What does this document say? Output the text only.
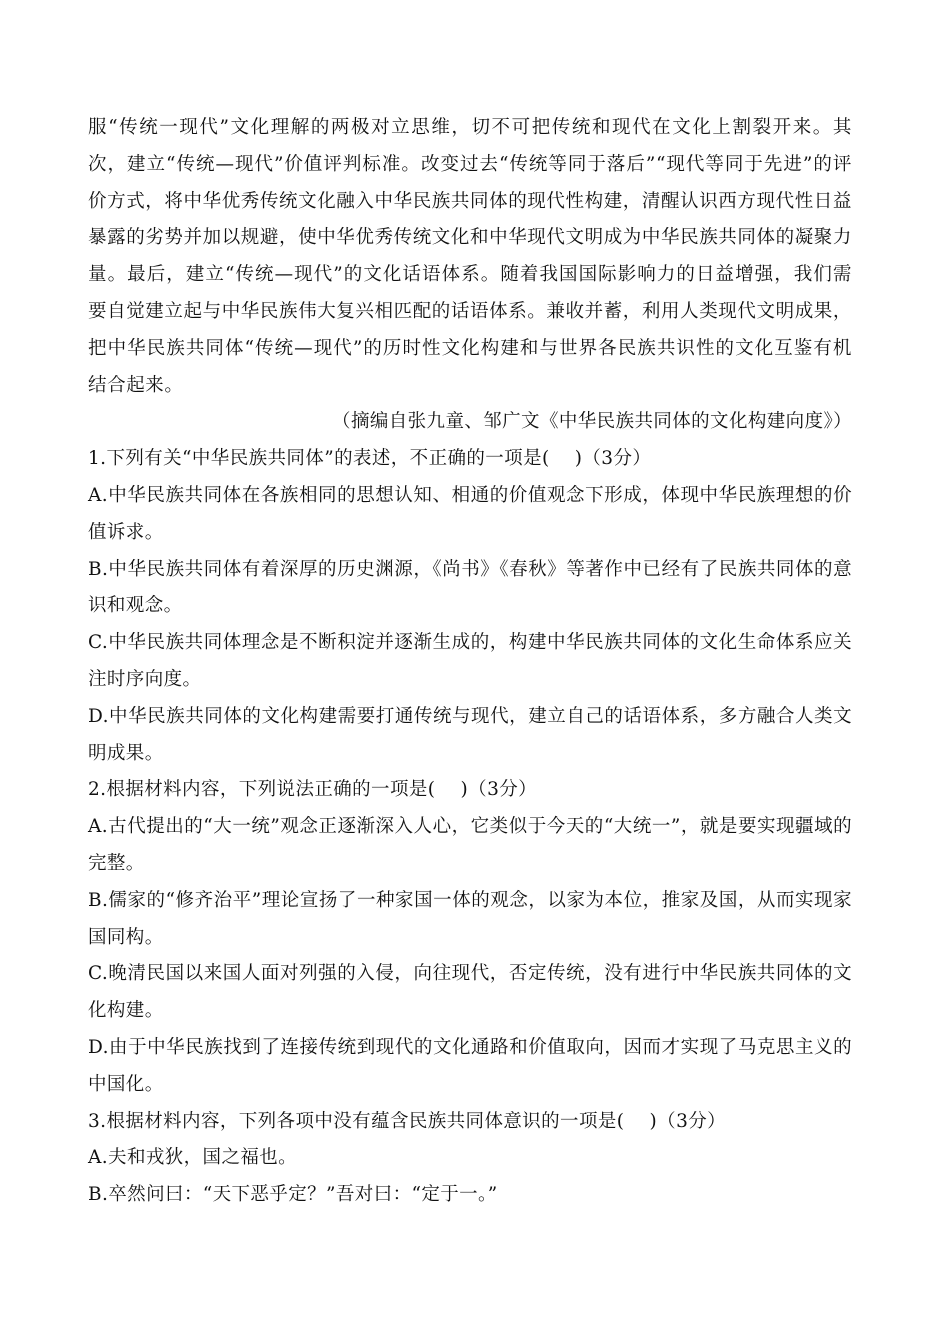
服“传统一现代”文化理解的两极对立思维，切不可把传统和现代在文化上割裂开来。其次，建立“传统—现代”价值评判标准。改变过去“传统等同于落后”“现代等同于先进”的评价方式，将中华优秀传统文化融入中华民族共同体的现代性构建，清醒认识西方现代性日益暴露的劣势并加以规避，使中华优秀传统文化和中华现代文明成为中华民族共同体的凝聚力量。最后，建立“传统—现代”的文化话语体系。随着我国国际影响力的日益增强，我们需要自觉建立起与中华民族伟大复兴相匹配的话语体系。兼收并蓄，利用人类现代文明成果，把中华民族共同体“传统—现代”的历时性文化构建和与世界各民族共识性的文化互鉴有机结合起来。

（摘编自张九童、邹广文《中华民族共同体的文化构建向度》）

1.下列有关“中华民族共同体”的表述，不正确的一项是(　 )（3分）

A.中华民族共同体在各族相同的思想认知、相通的价值观念下形成，体现中华民族理想的价值诉求。

B.中华民族共同体有着深厚的历史渊源，《尚书》《春秋》等著作中已经有了民族共同体的意识和观念。

C.中华民族共同体理念是不断积淀并逐渐生成的，构建中华民族共同体的文化生命体系应关注时序向度。

D.中华民族共同体的文化构建需要打通传统与现代，建立自己的话语体系，多方融合人类文明成果。

2.根据材料内容，下列说法正确的一项是(　 )（3分）

A.古代提出的“大一统”观念正逐渐深入人心，它类似于今天的“大统一”，就是要实现疆域的完整。

B.儒家的“修齐治平”理论宣扬了一种家国一体的观念，以家为本位，推家及国，从而实现家国同构。

C.晚清民国以来国人面对列强的入侵，向往现代，否定传统，没有进行中华民族共同体的文化构建。

D.由于中华民族找到了连接传统到现代的文化通路和价值取向，因而才实现了马克思主义的中国化。

3.根据材料内容，下列各项中没有蕴含民族共同体意识的一项是(　 )（3分）

A.夫和戎狄，国之福也。

B.卒然问曰：“天下恶乎定？”吾对曰：“定于一。”
